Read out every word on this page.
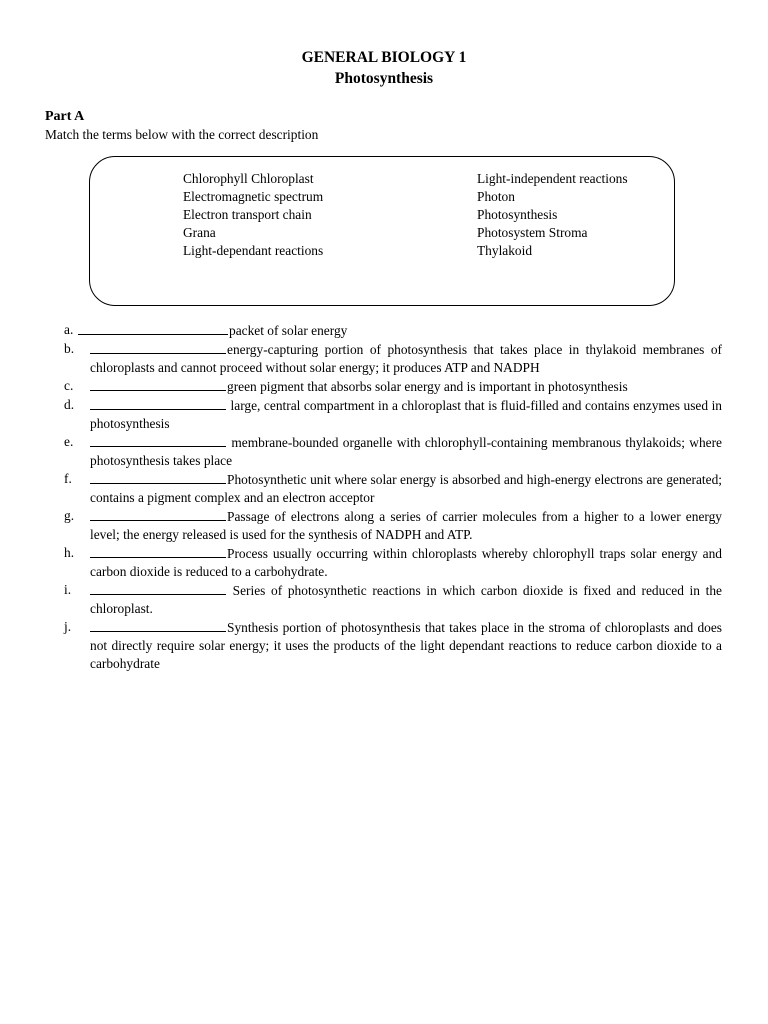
GENERAL BIOLOGY 1
Photosynthesis
Part A
Match the terms below with the correct description
Chlorophyll Chloroplast
Electromagnetic spectrum
Electron transport chain
Grana
Light-dependant reactions
Light-independent reactions
Photon
Photosynthesis
Photosystem Stroma
Thylakoid
a.	packet of solar energy
b.	energy-capturing portion of photosynthesis that takes place in thylakoid membranes of chloroplasts and cannot proceed without solar energy; it produces ATP and NADPH
c.	green pigment that absorbs solar energy and is important in photosynthesis
d.	large, central compartment in a chloroplast that is fluid-filled and contains enzymes used in photosynthesis
e.	membrane-bounded organelle with chlorophyll-containing membranous thylakoids; where photosynthesis takes place
f.	Photosynthetic unit where solar energy is absorbed and high-energy electrons are generated; contains a pigment complex and an electron acceptor
g.	Passage of electrons along a series of carrier molecules from a higher to a lower energy level; the energy released is used for the synthesis of NADPH and ATP.
h.	Process usually occurring within chloroplasts whereby chlorophyll traps solar energy and carbon dioxide is reduced to a carbohydrate.
i.	Series of photosynthetic reactions in which carbon dioxide is fixed and reduced in the chloroplast.
j.	Synthesis portion of photosynthesis that takes place in the stroma of chloroplasts and does not directly require solar energy; it uses the products of the light dependant reactions to reduce carbon dioxide to a carbohydrate
